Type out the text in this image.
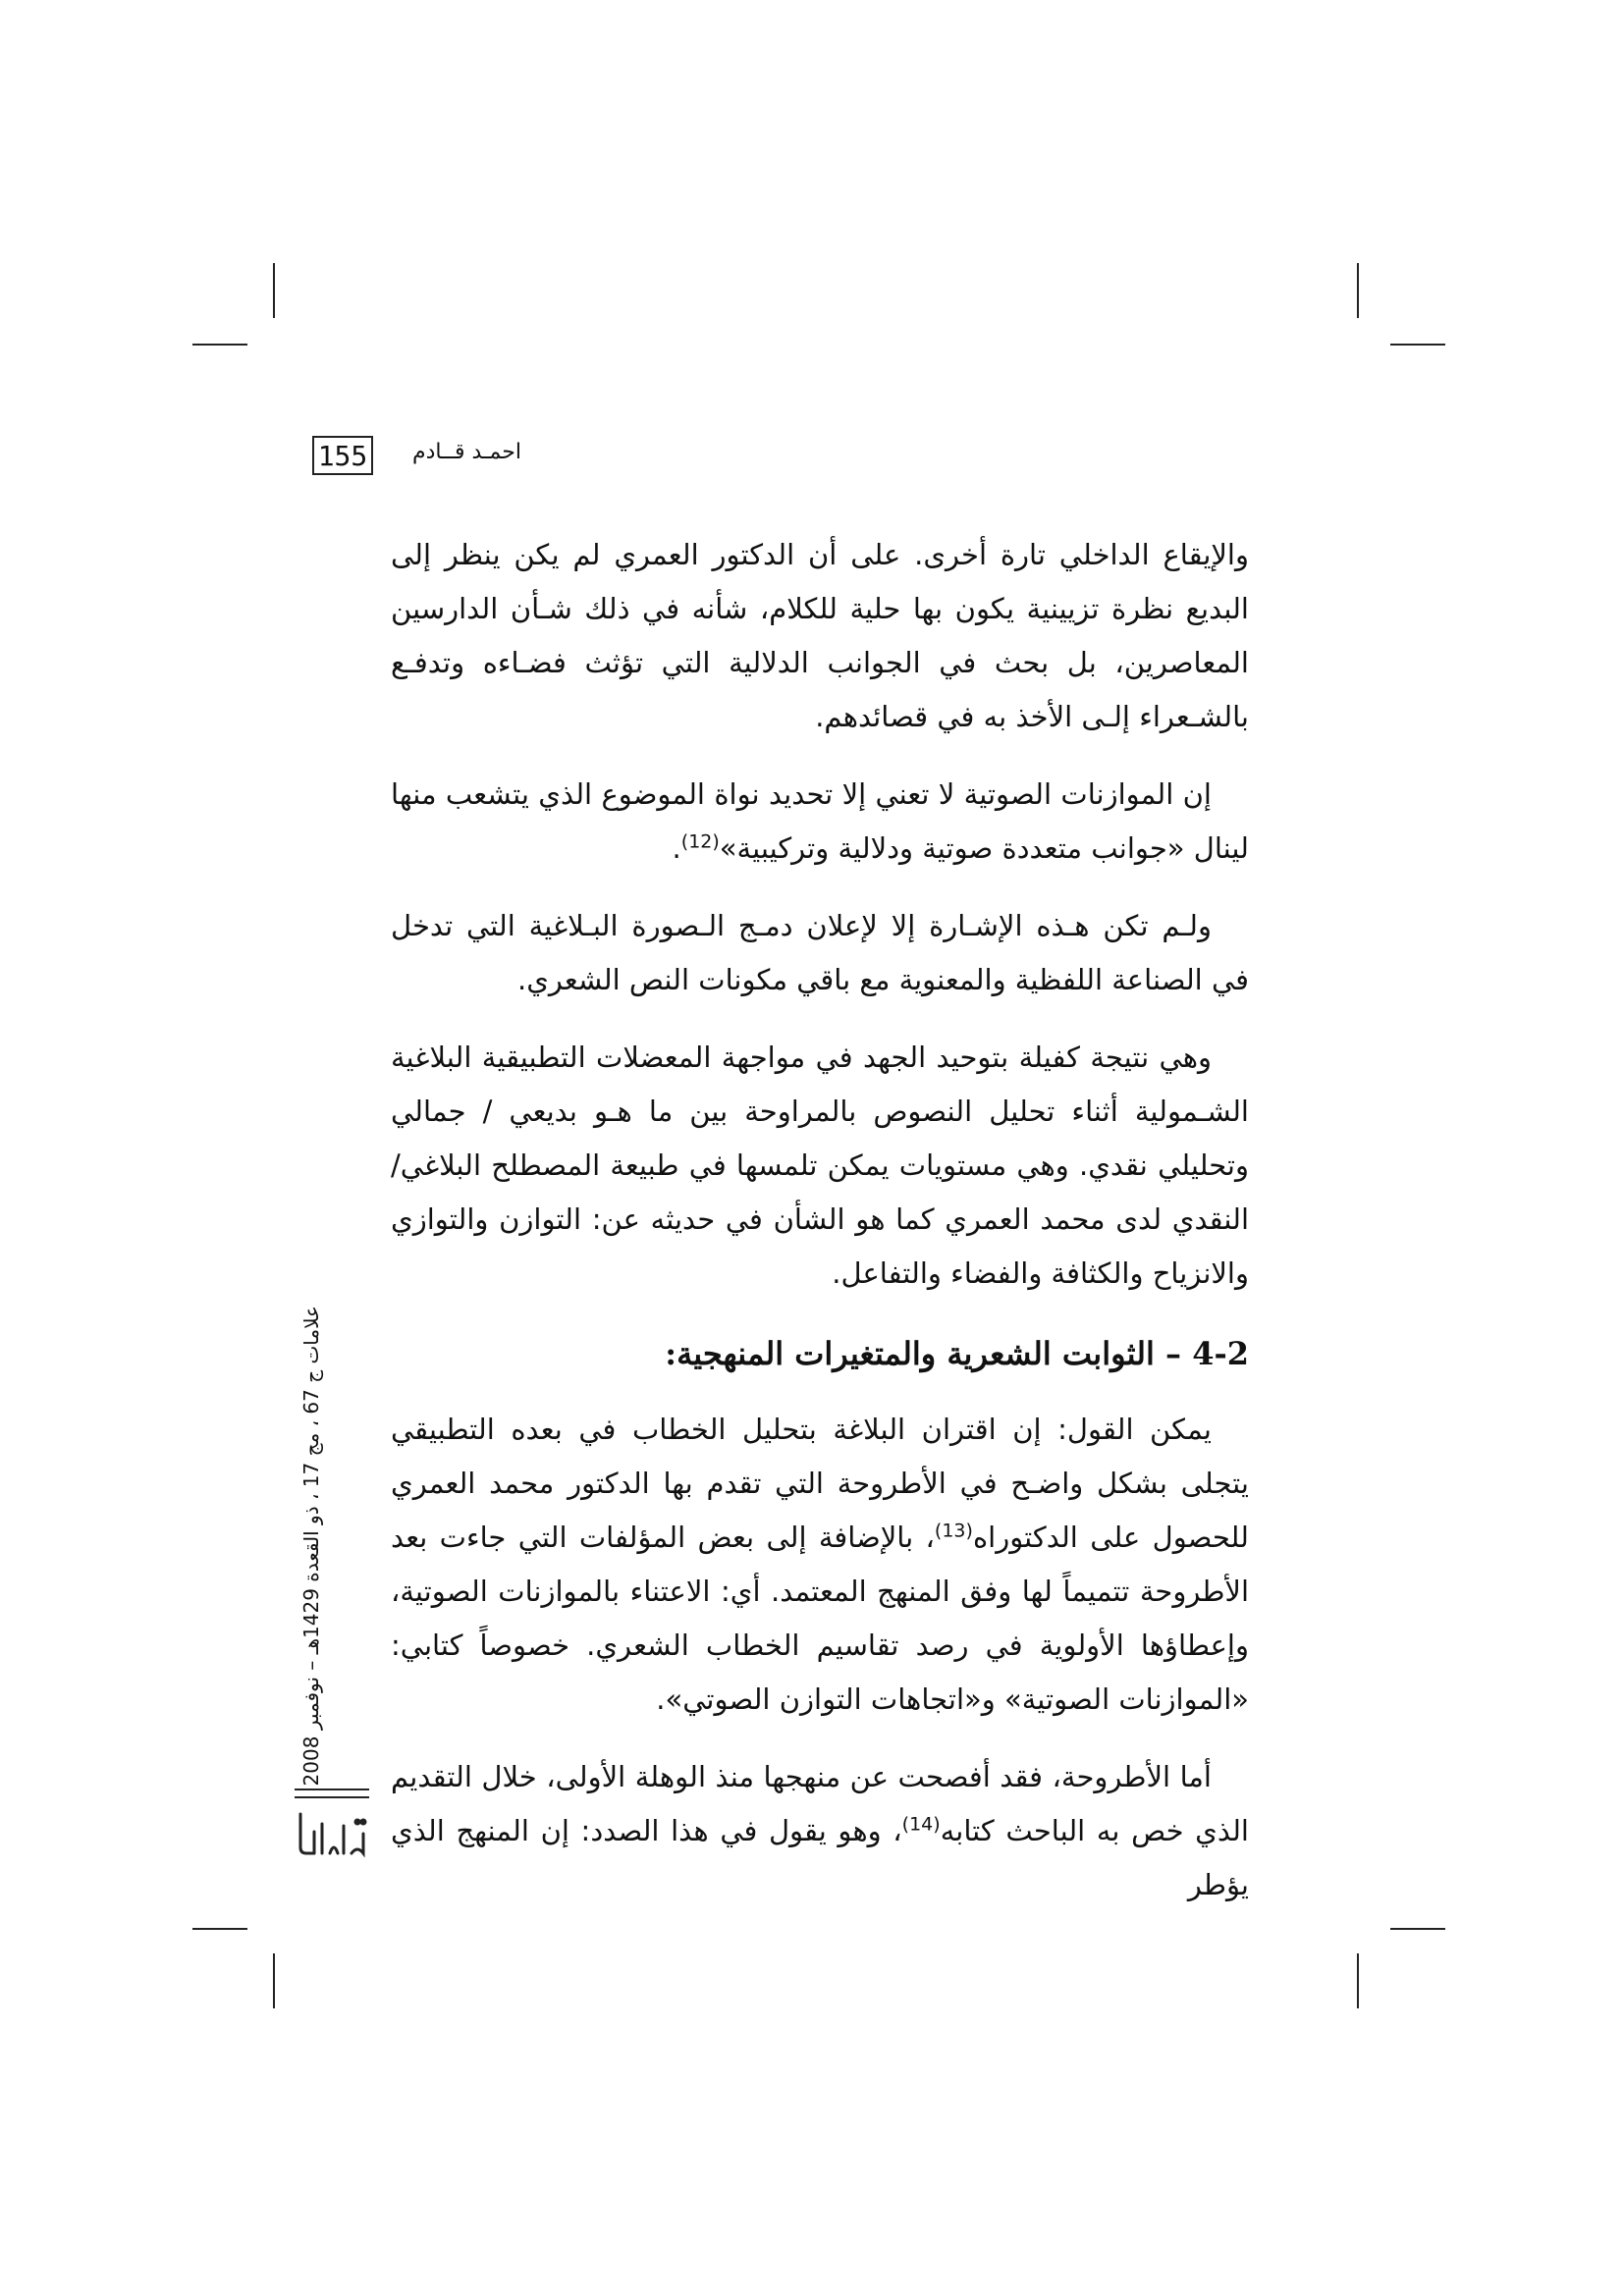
155 احمـد قــادم

والإيقاع الداخلي تارة أخرى. على أن الدكتور العمري لم يكن ينظر إلى البديع نظرة تزيينية يكون بها حلية للكلام، شأنه في ذلك شـأن الدارسين المعاصرين، بل بحث في الجوانب الدلالية التي تؤثث فضـاءه وتدفـع بالشـعراء إلـى الأخذ به في قصائدهم.

إن الموازنات الصوتية لا تعني إلا تحديد نواة الموضوع الذي يتشعب منها لينال «جوانب متعددة صوتية ودلالية وتركيبية»$^{(12)}$.

ولـم تكن هـذه الإشـارة إلا لإعلان دمـج الـصورة البـلاغية التي تدخل في الصناعة اللفظية والمعنوية مع باقي مكونات النص الشعري.

وهي نتيجة كفيلة بتوحيد الجهد في مواجهة المعضلات التطبيقية البلاغية الشـمولية أثناء تحليل النصوص بالمراوحة بين ما هـو بديعي / جمالي وتحليلي نقدي. وهي مستويات يمكن تلمسها في طبيعة المصطلح البلاغي/ النقدي لدى محمد العمري كما هو الشأن في حديثه عن: التوازن والتوازي والانزياح والكثافة والفضاء والتفاعل.

4-2 – الثوابت الشعرية والمتغيرات المنهجية:

يمكن القول: إن اقتران البلاغة بتحليل الخطاب في بعده التطبيقي يتجلى بشكل واضـح في الأطروحة التي تقدم بها الدكتور محمد العمري للحصول على الدكتوراه$^{(13)}$، بالإضافة إلى بعض المؤلفات التي جاءت بعد الأطروحة تتميماً لها وفق المنهج المعتمد. أي: الاعتناء بالموازنات الصوتية، وإعطاؤها الأولوية في رصد تقاسيم الخطاب الشعري. خصوصاً كتابي: «الموازنات الصوتية» و«اتجاهات التوازن الصوتي».

أما الأطروحة، فقد أفصحت عن منهجها منذ الوهلة الأولى، خلال التقديم الذي خص به الباحث كتابه$^{(14)}$، وهو يقول في هذا الصدد: إن المنهج الذي يؤطر

علامات ج 67 ، مج 17 ، ذو القعدة 1429هـ – نوفمبر 2008
